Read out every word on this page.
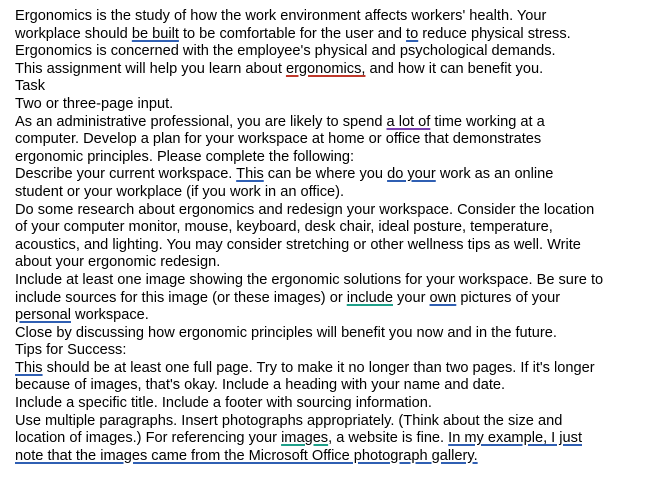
Ergonomics is the study of how the work environment affects workers' health. Your
workplace should be built to be comfortable for the user and to reduce physical stress.
Ergonomics is concerned with the employee's physical and psychological demands.
This assignment will help you learn about ergonomics, and how it can benefit you.
Task
Two or three-page input.
As an administrative professional, you are likely to spend a lot of time working at a
computer. Develop a plan for your workspace at home or office that demonstrates
ergonomic principles. Please complete the following:
Describe your current workspace. This can be where you do your work as an online
student or your workplace (if you work in an office).
Do some research about ergonomics and redesign your workspace. Consider the location
of your computer monitor, mouse, keyboard, desk chair, ideal posture, temperature,
acoustics, and lighting. You may consider stretching or other wellness tips as well. Write
about your ergonomic redesign.
Include at least one image showing the ergonomic solutions for your workspace. Be sure to
include sources for this image (or these images) or include your own pictures of your
personal workspace.
Close by discussing how ergonomic principles will benefit you now and in the future.
Tips for Success:
This should be at least one full page. Try to make it no longer than two pages. If it's longer
because of images, that's okay. Include a heading with your name and date.
Include a specific title. Include a footer with sourcing information.
Use multiple paragraphs. Insert photographs appropriately. (Think about the size and
location of images.) For referencing your images, a website is fine. In my example, I just
note that the images came from the Microsoft Office photograph gallery.
